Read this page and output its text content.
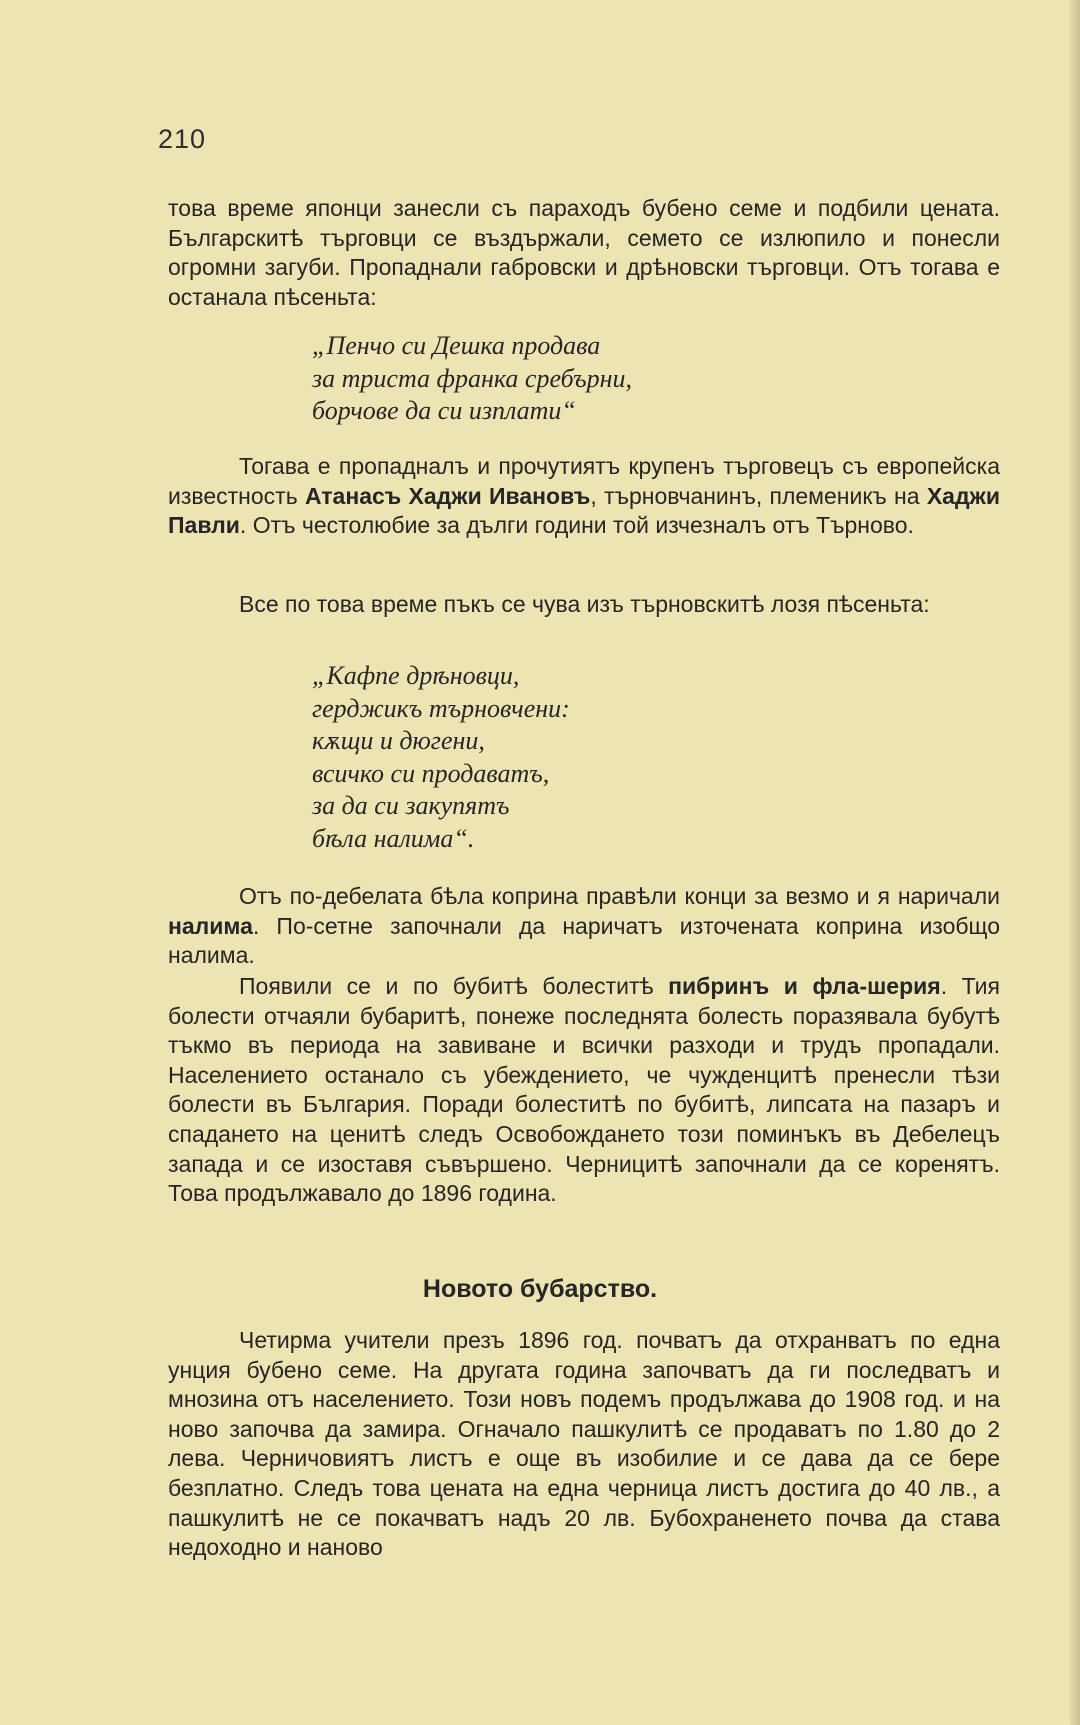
210

това време японци занесли съ параходъ бубено семе и подбили цената. Българскитѣ търговци се въздържали, семето се ﻿излюпило и понесли огромни загуби. Пропаднали габровски и дрѣновски търговци. Отъ тогава е останала пѣсеньта:

„Пенчо си Дешка продава
за триста франка сребърни,
борчове да си изплати“

Тогава е пропадналъ и прочутиятъ крупенъ търговецъ съ европейска известность Атанасъ Хаджи Ивановъ, търновчанинъ, племеникъ на Хаджи Павли. Отъ честолюбие за дълги години той изчезналъ отъ Търново.

Все по това време пъкъ се чува изъ търновскитѣ лозя пѣсеньта:

„Кафпе дрѣновци,
герджикъ търновчени:
кѫщи и дюгени,
всичко си продаватъ,
за да си закупятъ
бѣла налима“.

Отъ по-дебелата бѣла коприна правѣли конци за везмо и я наричали налима. По-сетне започнали да наричатъ източената коприна изобщо налима.

Появили се и по бубитѣ болеститѣ пибринъ и фла-шерия. Тия болести отчаяли бубаритѣ, понеже последнята болесть поразявала бубутѣ тъкмо въ периода на завиване и всички разходи и трудъ пропадали. Населението останало съ убеждението, че чужденцитѣ пренесли тѣзи болести въ България. Поради болеститѣ по бубитѣ, липсата на пазаръ и спадането на ценитѣ следъ Освобождането този поминъкъ въ Дебелецъ запада и се изоставя съвършено. Черницитѣ започнали да се коренятъ. Това продължавало до 1896 година.

Новото бубарство.

Четирма учители презъ 1896 год. почватъ да отхранватъ по една унция бубено семе. На другата година започватъ да ги последватъ и мнозина отъ населението. Този новъ подемъ продължава до 1908 год. и на ново започва да замира. Огначало пашкулитѣ се продаватъ по 1.80 до 2 лева. Черничовиятъ листъ е още въ изобилие и се дава да се бере безплатно. Следъ това цената на една черница листъ достига до 40 лв., а пашкулитѣ не се покачватъ надъ 20 лв. Бубохраненето почва да става недоходно и наново
